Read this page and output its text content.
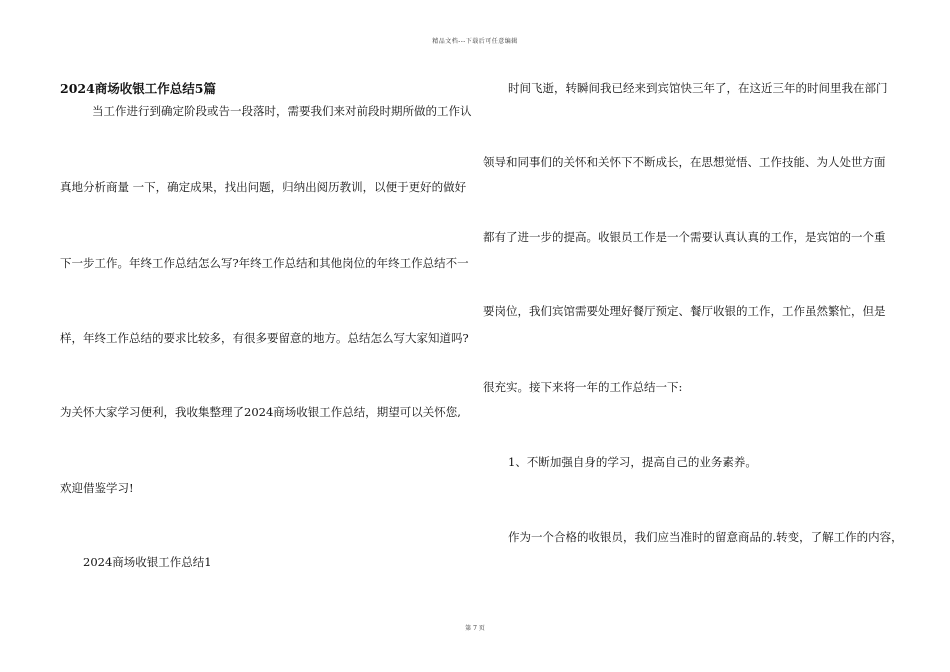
精品文档---下载后可任意编辑
2024商场收银工作总结5篇
当工作进行到确定阶段或告一段落时，需要我们来对前段时期所做的工作认
真地分析商量 一下，确定成果，找出问题，归纳出阅历教训，以便于更好的做好
下一步工作。年终工作总结怎么写?年终工作总结和其他岗位的年终工作总结不一
样，年终工作总结的要求比较多，有很多要留意的地方。总结怎么写大家知道吗?
为关怀大家学习便利，我收集整理了2024商场收银工作总结，期望可以关怀您,
欢迎借鉴学习!
2024商场收银工作总结1
时间飞逝，转瞬间我已经来到宾馆快三年了，在这近三年的时间里我在部门
领导和同事们的关怀和关怀下不断成长，在思想觉悟、工作技能、为人处世方面
都有了进一步的提高。收银员工作是一个需要认真认真的工作，是宾馆的一个重
要岗位，我们宾馆需要处理好餐厅预定、餐厅收银的工作，工作虽然繁忙，但是
很充实。接下来将一年的工作总结一下:
1、不断加强自身的学习，提高自己的业务素养。
作为一个合格的收银员，我们应当准时的留意商品的.转变，了解工作的内容，
第 7 页
